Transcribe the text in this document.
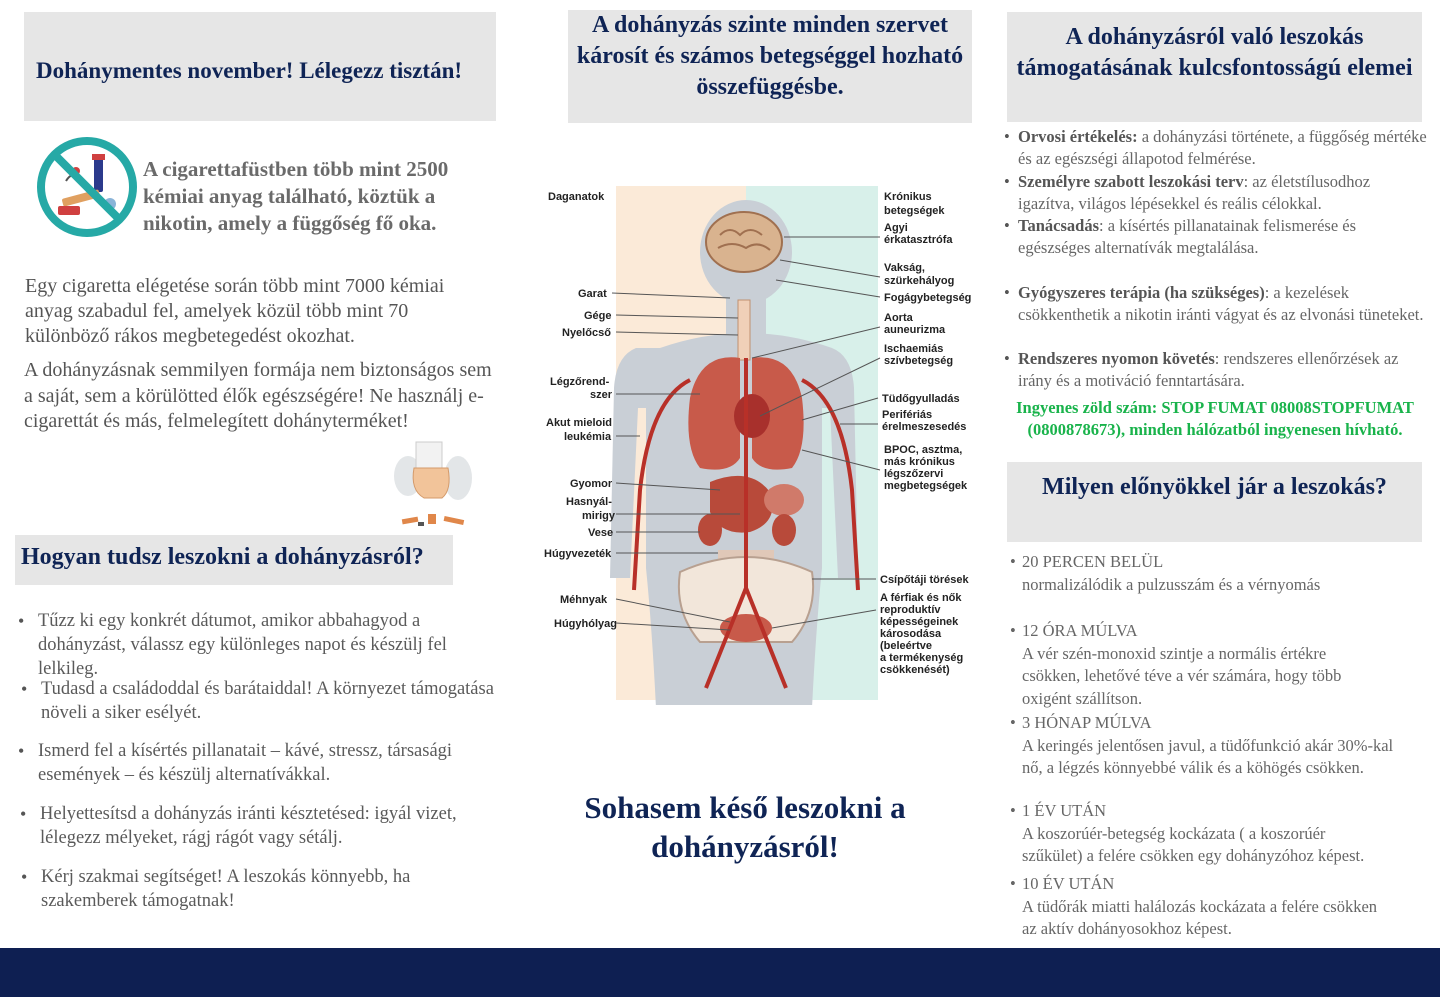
Dohánymentes november! Lélegezz tisztán!
A cigarettafüstben több mint 2500 kémiai anyag található, köztük a nikotin, amely a függőség fő oka.
Egy cigaretta elégetése során több mint 7000 kémiai anyag szabadul fel, amelyek közül több mint 70 különböző rákos megbetegedést okozhat.
A dohányzásnak semmilyen formája nem biztonságos sem a saját, sem a körülötted élők egészségére! Ne használj e-cigarettát és más, felmelegített dohányterméket!
Hogyan tudsz leszokni a dohányzásról?
• Tűzz ki egy konkrét dátumot, amikor abbahagyod a dohányzást, válassz egy különleges napot és készülj fel lelkileg.
• Tudasd a családoddal és barátaiddal! A környezet támogatása növeli a siker esélyét.
• Ismerd fel a kísértés pillanatait – kávé, stressz, társasági események – és készülj alternatívákkal.
• Helyettesítsd a dohányzás iránti késztetésed: igyál vizet, lélegezz mélyeket, rágj rágót vagy sétálj.
• Kérj szakmai segítséget! A leszokás könnyebb, ha szakemberek támogatnak!
A dohányzás szinte minden szervet károsít és számos betegséggel hozható összefüggésbe.
Daganatok
Garat
Gége
Nyelőcső
Légzőrend-
szer
Akut mieloid
leukémia
Gyomor
Hasnyál-
mirigy
Vese
Húgyvezeték
Méhnyak
Húgyhólyag
Krónikus
betegségek
Agyi
érkatasztrófa
Vakság,
szürkehályog
Fogágybetegség
Aorta
auneurizma
Ischaemiás
szívbetegség
Tüdőgyulladás
Perifériás
érelmeszesedés
BPOC, asztma,
más krónikus
légszőzervi
megbetegségek
Csípőtáji törések
A férfiak és nők
reproduktív
képességeinek
károsodása
(beleértve
a termékenység
csökkenését)
Sohasem késő leszokni a dohányzásról!
A dohányzásról való leszokás támogatásának kulcsfontosságú elemei
• Orvosi értékelés: a dohányzási története, a függőség mértéke és az egészségi állapotod felmérése.
• Személyre szabott leszokási terv: az életstílusodhoz igazítva, világos lépésekkel és reális célokkal.
• Tanácsadás: a kísértés pillanatainak felismerése és egészséges alternatívák megtalálása.
• Gyógyszeres terápia (ha szükséges): a kezelések csökkenthetik a nikotin iránti vágyat és az elvonási tüneteket.
• Rendszeres nyomon követés: rendszeres ellenőrzések az irány és a motiváció fenntartására.
Ingyenes zöld szám: STOP FUMAT 08008STOPFUMAT (0800878673), minden hálózatból ingyenesen hívható.
Milyen előnyökkel jár a leszokás?
• 20 PERCEN BELÜL
normalizálódik a pulzusszám és a vérnyomás
• 12 ÓRA MÚLVA
A vér szén-monoxid szintje a normális értékre
csökken, lehetővé téve a vér számára, hogy több
oxigént szállítson.
• 3 HÓNAP MÚLVA
A keringés jelentősen javul, a tüdőfunkció akár 30%-kal
nő, a légzés könnyebbé válik és a köhögés csökken.
• 1 ÉV UTÁN
A koszorúér-betegség kockázata ( a koszorúér
szűkület) a felére csökken egy dohányzóhoz képest.
• 10 ÉV UTÁN
A tüdőrák miatti halálozás kockázata a felére csökken
az aktív dohányosokhoz képest.
